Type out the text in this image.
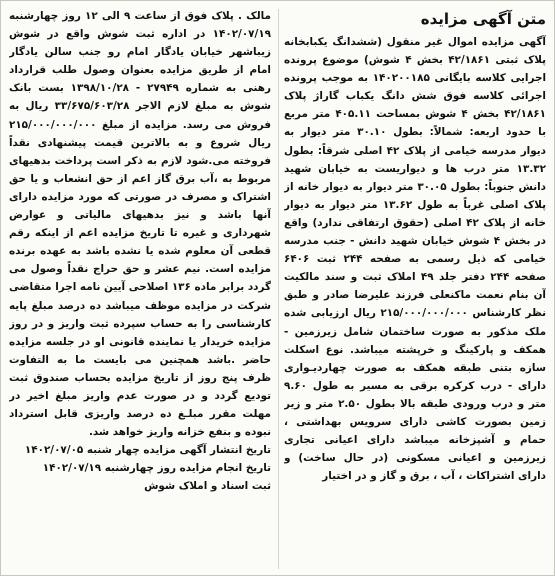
متن آگهی مزایده
آگهی مزایده اموال غیر منقول (ششدانگ یکبابخانه پلاک ثبتی ۴۲/۱۸۶۱ بخش ۴ شوش) موضوع پرونده اجرایی کلاسه بایگانی ۱۴۰۲۰۰۱۸۵ به موجب پرونده اجرائی کلاسه فوق شش دانگ یکباب گاراژ پلاک ۴۲/۱۸۶۱ بخش ۴ شوش بمساحت ۴۰۵.۱۱ متر مربع با حدود اربعه: شمالاً: بطول ۳۰.۱۰ متر دیوار به دیوار مدرسه خیامی از پلاک ۴۲ اصلی شرقاً: بطول ۱۳.۳۲ متر درب ها و دیواریست به خیابان شهید دانش جنوباً: بطول ۳۰.۰۵ متر دیوار به دیوار خانه از پلاک اصلی غرباً به طول ۱۳.۶۲ متر دیوار به دیوار خانه از پلاک ۴۲ اصلی (حقوق ارتفاقی ندارد) واقع در بخش ۴ شوش خیابان شهید دانش - جنب مدرسه خیامی که ذیل رسمی به صفحه ۲۴۴ ثبت ۶۴۰۶ صفحه ۲۴۴ دفتر جلد ۴۹ املاک ثبت و سند مالکیت آن بنام نعمت ماکنعلی فرزند علیرضا صادر و طبق نظر کارشناس ۲۱۵/۰۰۰/۰۰۰/۰۰۰ ریال ارزیابی شده ملک مذکور به صورت ساختمان شامل زیرزمین - همکف و پارکینگ و خرپشته میباشد. نوع اسکلت سازه بتنی طبقه همکف به صورت چهاردیـواری دارای - درب کرکره برقی به مسیر به طول ۹.۶۰ متر و درب ورودی طبقه بالا بطول ۲.۵۰ متر و زیر زمین بصورت کاشی دارای سرویس بهداشتی ، حمام و آشپزخانه میباشد دارای اعیانی تجاری زیرزمین و اعیانی مسکونی (در حال ساخت) و دارای اشتراکات ، آب ، برق و گاز و در اختیار
مالک . پلاک فوق از ساعت ۹ الی ۱۲ روز چهارشنبه ۱۴۰۲/۰۷/۱۹ در اداره ثبت شوش واقع در شوش زیباشهر خیابان یادگار امام رو جنب سالن یادگار امام از طریق مزایده بعنوان وصول طلب قرارداد رهنی به شماره ۲۷۹۴۹ - ۱۳۹۸/۱۰/۲۸ بست بانک شوش به مبلغ لازم الاجر ۳۳/۶۷۵/۶۰۳/۲۸ ریال به فروش می رسد. مزایده از مبلغ ۲۱۵/۰۰۰/۰۰۰/۰۰۰ ریال شروع و به بالاترین قیمت پیشنهادی نقداً فروخته می.شود لازم به ذکر است پرداخت بدهیهای مربوط به ،آب برق گاز اعم از حق انشعاب و یا حق اشتراک و مصرف در صورتی که مورد مزایده دارای آنها باشد و نیز بدهیهای مالیاتی و عوارض شهرداری و غیره تا تاریخ مزایده اعم از اینکه رقم قطعی آن معلوم شده یا نشده باشد به عهده برنده مزایده است. نیم عشر و حق حراج نقداً وصول می گردد برابر ماده ۱۳۶ اصلاحی آیین نامه اجرا متقاضی شرکت در مزایده موظف میباشد ده درصد مبلغ پایه کارشناسی را به حساب سپرده ثبت واریز و در روز مزایده خریدار یا نماینده قانونی او در جلسه مزایده حاضر .باشد همچنین می بایست ما به التفاوت ظرف پنج روز از تاریخ مزایده بحساب صندوق ثبت تودیع گردد و در صورت عدم واریز مبلغ اخیر در مهلت مقرر مبلـغ ده درصد واریزی قابل استرداد نبوده و بنفع خزانه واریز خواهد شد.
تاریخ انتشار آگهی مزایده چهار شنبه ۱۴۰۲/۰۷/۰۵
تاریخ انجام مزایده روز چهارشنبه ۱۴۰۲/۰۷/۱۹
ثبت اسناد و املاک شوش
